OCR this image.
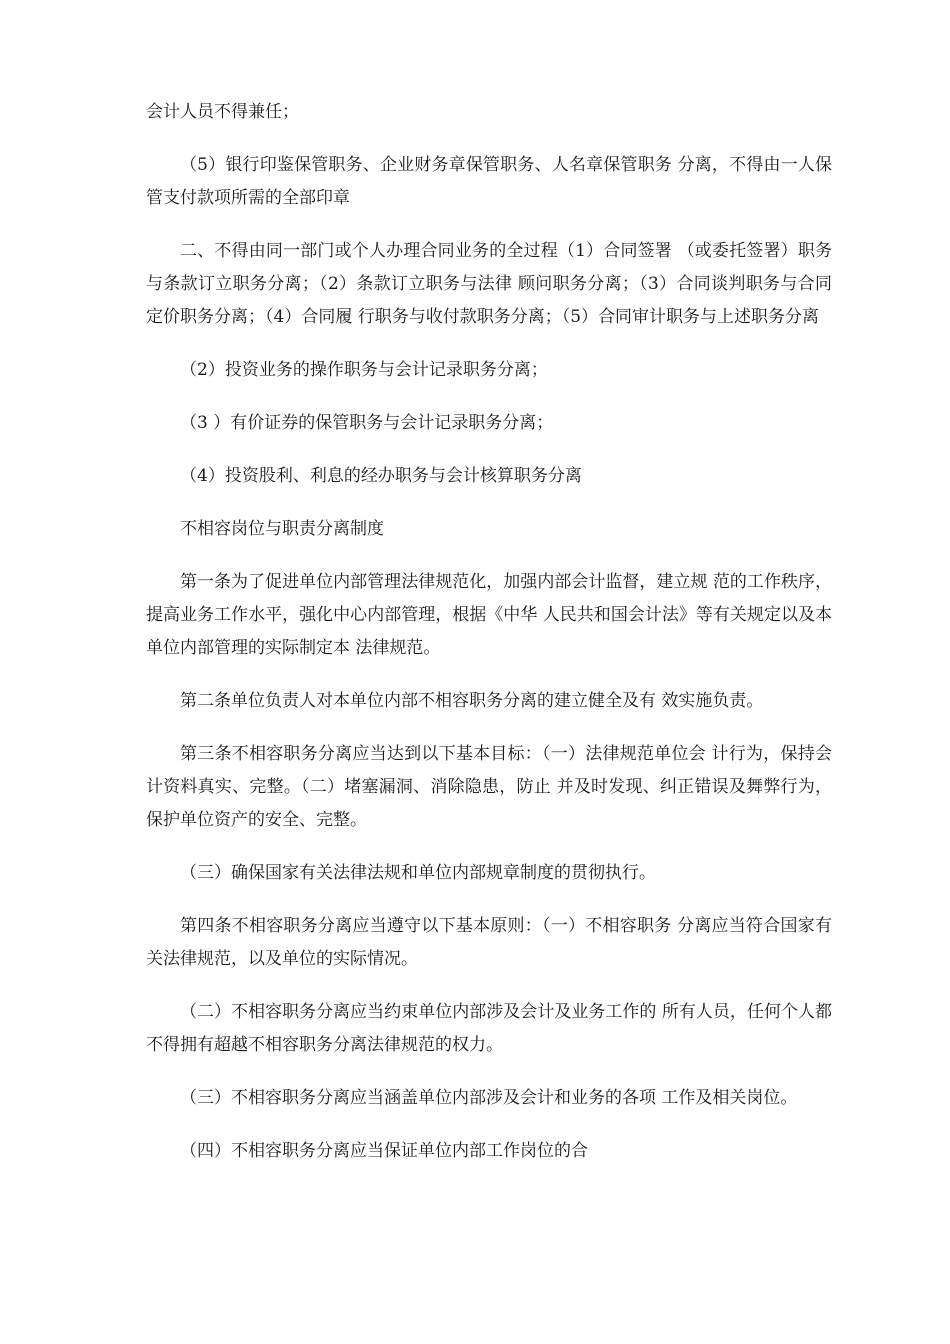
会计人员不得兼任；

（5）银行印鉴保管职务、企业财务章保管职务、人名章保管职务 分离，不得由一人保管支付款项所需的全部印章

二、不得由同一部门或个人办理合同业务的全过程（1）合同签署 （或委托签署）职务与条款订立职务分离；（2）条款订立职务与法律 顾问职务分离；（3）合同谈判职务与合同定价职务分离；（4）合同履 行职务与收付款职务分离；（5）合同审计职务与上述职务分离

（2）投资业务的操作职务与会计记录职务分离；

（3 ）有价证券的保管职务与会计记录职务分离；

（4）投资股利、利息的经办职务与会计核算职务分离

不相容岗位与职责分离制度

第一条为了促进单位内部管理法律规范化，加强内部会计监督，建立规 范的工作秩序，提高业务工作水平，强化中心内部管理，根据《中华 人民共和国会计法》等有关规定以及本单位内部管理的实际制定本 法律规范。

第二条单位负责人对本单位内部不相容职务分离的建立健全及有 效实施负责。

第三条不相容职务分离应当达到以下基本目标：（一）法律规范单位会 计行为，保持会计资料真实、完整。（二）堵塞漏洞、消除隐患，防止 并及时发现、纠正错误及舞弊行为，保护单位资产的安全、完整。

（三）确保国家有关法律法规和单位内部规章制度的贯彻执行。

第四条不相容职务分离应当遵守以下基本原则：（一）不相容职务 分离应当符合国家有关法律规范，以及单位的实际情况。

（二）不相容职务分离应当约束单位内部涉及会计及业务工作的 所有人员，任何个人都不得拥有超越不相容职务分离法律规范的权力。

（三）不相容职务分离应当涵盖单位内部涉及会计和业务的各项 工作及相关岗位。

（四）不相容职务分离应当保证单位内部工作岗位的合
